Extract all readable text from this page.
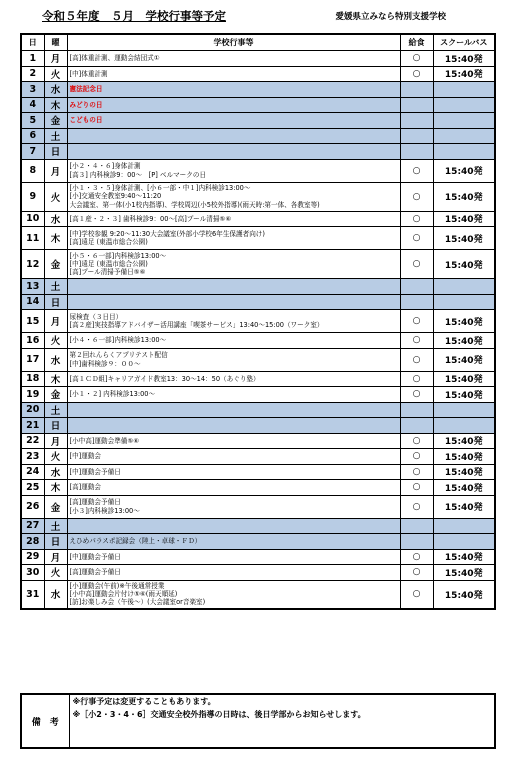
令和５年度　５月　学校行事等予定	愛媛県立みなら特別支援学校
日	曜	学校行事等	給食	スクールバス
1	月	[高]体重計測、運動会結団式①	○	15:40発
2	火	[中]体重計測	○	15:40発
3	水	憲法記念日		

4	木	みどりの日		

5	金	こどもの日		

6	土			
7	日			
8	月	[小２・４・６]身体計測
[高３] 内科検診9：00～　[P] ベルマークの日	○	15:40発
9	火	[小１・３・５]身体計測、[小６一部・中１]内科検診13:00～
[小]交通安全教室9:40～11:20
大会議室、第一体(小1校内指導)、学校周辺(小5校外指導)(雨天時:第一体、各教室等)	○	15:40発
10	水	[高１産・２・３] 歯科検診9：00～[高]プール清掃⑤⑥	○	15:40発
11	木	[中]学校参観 9:20～11:30大会議室(外部小学校6年生保護者向け)
[高]遠足 (東温市総合公園)	○	15:40発
12	金	[小５・６一部]内科検診13:00～
[中]遠足 (東温市総合公園)
[高]プール清掃予備日⑤⑥	○	15:40発
13	土			
14	日			
15	月	尿検査（３日目）
[高２産]実技指導アドバイザー活用講座「喫茶サービス」13:40～15:00（ワーク室）	○	15:40発
16	火	[小４・６一部]内科検診13:00～	○	15:40発
17	水	第２回れんらくアプリテスト配信
[中]歯科検診９：００～	○	15:40発
18	木	[高１ＣＤ組]キャリアガイド教室13：30～14：50（あぐり塾）	○	15:40発
19	金	[小１・２] 内科検診13:00～	○	15:40発
20	土			
21	日			
22	月	[小中高]運動会準備⑤⑥	○	15:40発
23	火	[中]運動会	○	15:40発
24	水	[中]運動会予備日	○	15:40発
25	木	[高]運動会	○	15:40発
26	金	[高]運動会予備日
[小３]内科検診13:00～	○	15:40発
27	土			
28	日	えひめパラスポ記録会（陸上・卓球・ＦＤ）		

29	月	[中]運動会予備日	○	15:40発
30	火	[高]運動会予備日	○	15:40発
31	水	[小]運動会(午前)※午後通常授業
[小中高]運動会片付け⑤⑥(雨天順延)
[訪]お楽しみ会（午後～）(大会議室or音楽室)	○	15:40発
備　考	
※行事予定は変更することもあります。
※［小2・3・4・6］交通安全校外指導の日時は、後日学部からお知らせします。
